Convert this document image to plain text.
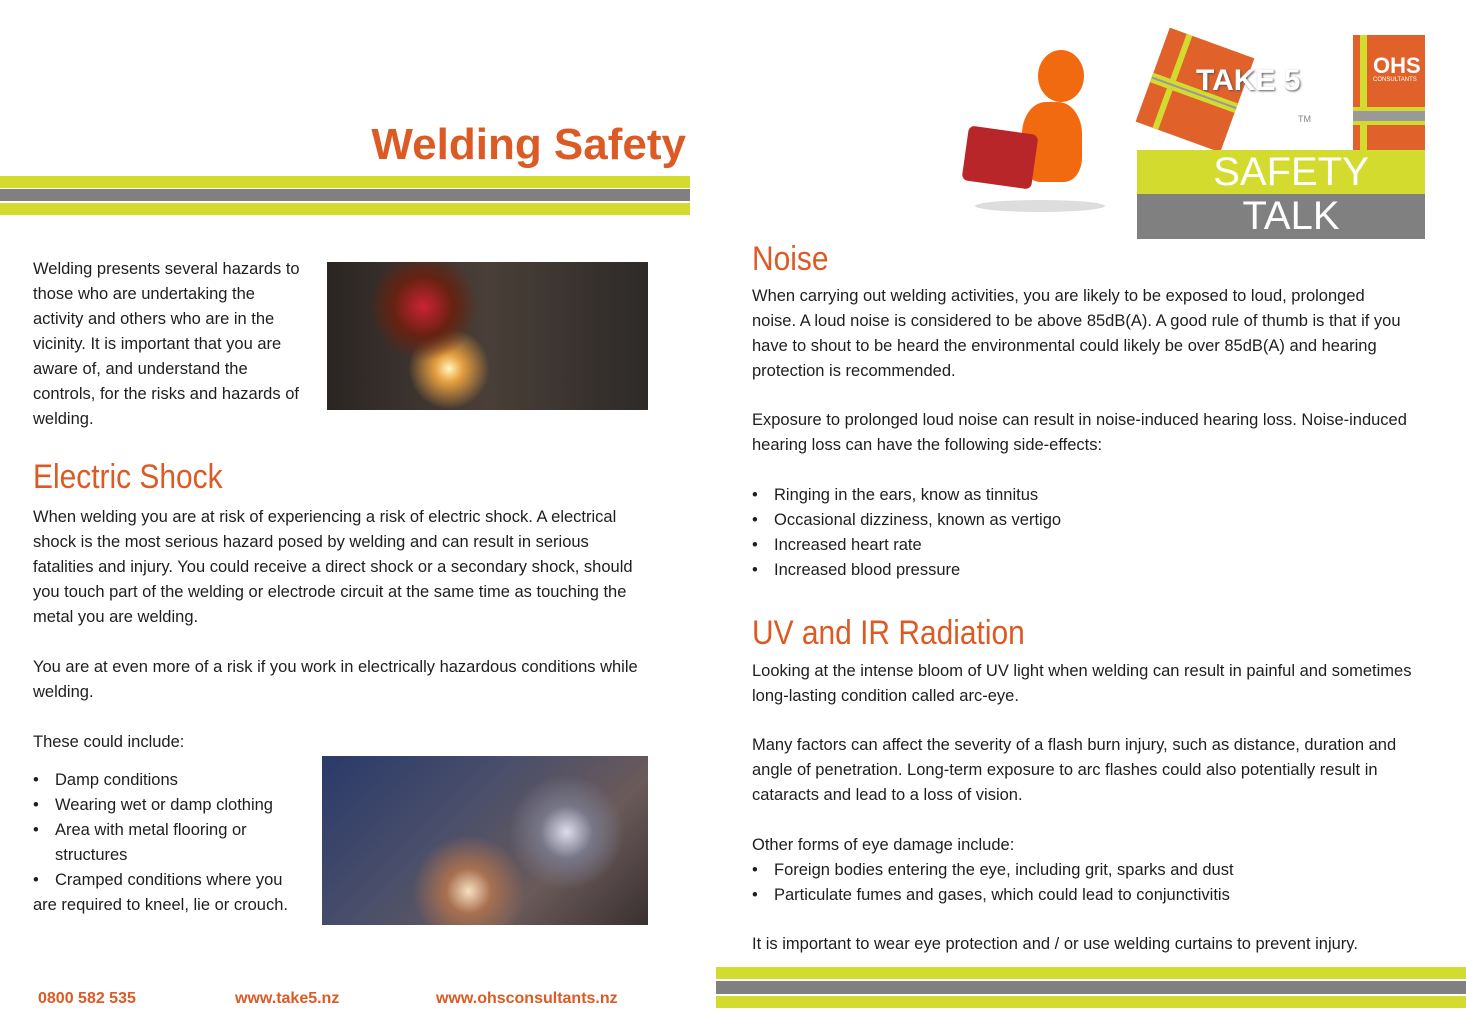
Welding Safety
TAKE 5
TM
OHS
CONSULTANTS
SAFETY
TALK
Welding presents several hazards to those who are undertaking the activity and others who are in the vicinity. It is important that you are aware of, and understand the controls, for the risks and hazards of welding.
Electric Shock
When welding you are at risk of experiencing a risk of electric shock. A electrical shock is the most serious hazard posed by welding and can result in serious fatalities and injury. You could receive a direct shock or a secondary shock, should you touch part of the welding or electrode circuit at the same time as touching the metal you are welding.
You are at even more of a risk if you work in electrically hazardous conditions while welding.
These could include:
• Damp conditions
• Wearing wet or damp clothing
• Area with metal flooring or structures
• Cramped conditions where you
are required to kneel, lie or crouch.
Noise
When carrying out welding activities, you are likely to be exposed to loud, prolonged noise. A loud noise is considered to be above 85dB(A). A good rule of thumb is that if you have to shout to be heard the environmental could likely be over 85dB(A) and hearing protection is recommended.
Exposure to prolonged loud noise can result in noise-induced hearing loss. Noise-induced hearing loss can have the following side-effects:
• Ringing in the ears, know as tinnitus
• Occasional dizziness, known as vertigo
• Increased heart rate
• Increased blood pressure
UV and IR Radiation
Looking at the intense bloom of UV light when welding can result in painful and sometimes long-lasting condition called arc-eye.
Many factors can affect the severity of a flash burn injury, such as distance, duration and angle of penetration. Long-term exposure to arc flashes could also potentially result in cataracts and lead to a loss of vision.
Other forms of eye damage include:
• Foreign bodies entering the eye, including grit, sparks and dust
• Particulate fumes and gases, which could lead to conjunctivitis
It is important to wear eye protection and / or use welding curtains to prevent injury.
0800 582 535	www.take5.nz	www.ohsconsultants.nz
